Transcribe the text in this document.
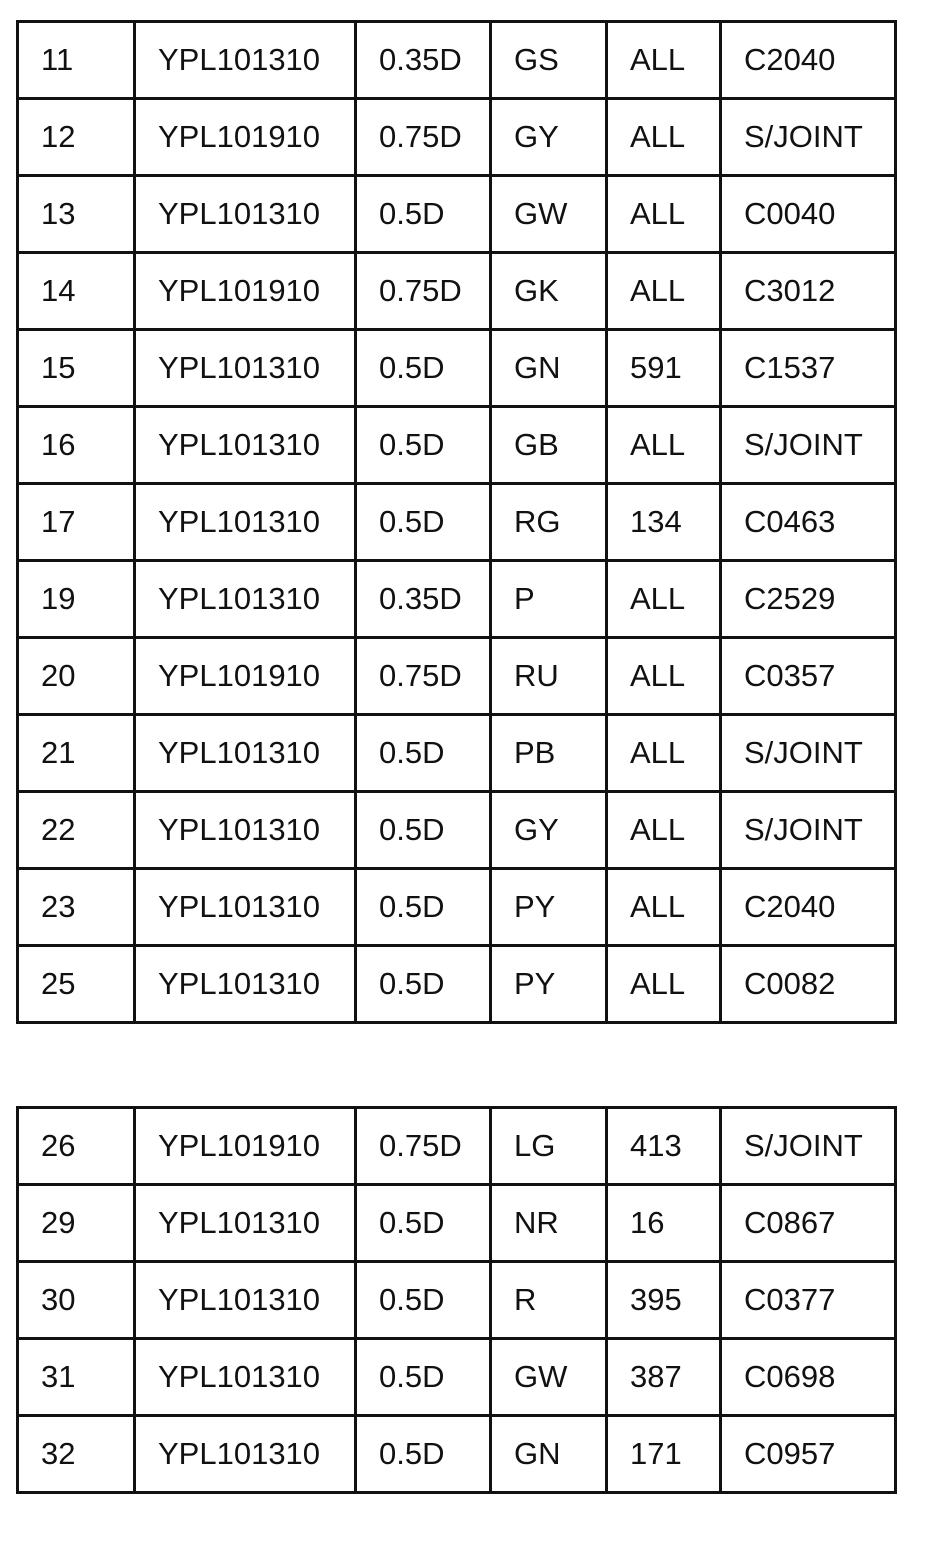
11	YPL101310	0.35D	GS	ALL	C2040
12	YPL101910	0.75D	GY	ALL	S/JOINT
13	YPL101310	0.5D	GW	ALL	C0040
14	YPL101910	0.75D	GK	ALL	C3012
15	YPL101310	0.5D	GN	591	C1537
16	YPL101310	0.5D	GB	ALL	S/JOINT
17	YPL101310	0.5D	RG	134	C0463
19	YPL101310	0.35D	P	ALL	C2529
20	YPL101910	0.75D	RU	ALL	C0357
21	YPL101310	0.5D	PB	ALL	S/JOINT
22	YPL101310	0.5D	GY	ALL	S/JOINT
23	YPL101310	0.5D	PY	ALL	C2040
25	YPL101310	0.5D	PY	ALL	C0082
26	YPL101910	0.75D	LG	413	S/JOINT
29	YPL101310	0.5D	NR	16	C0867
30	YPL101310	0.5D	R	395	C0377
31	YPL101310	0.5D	GW	387	C0698
32	YPL101310	0.5D	GN	171	C0957
